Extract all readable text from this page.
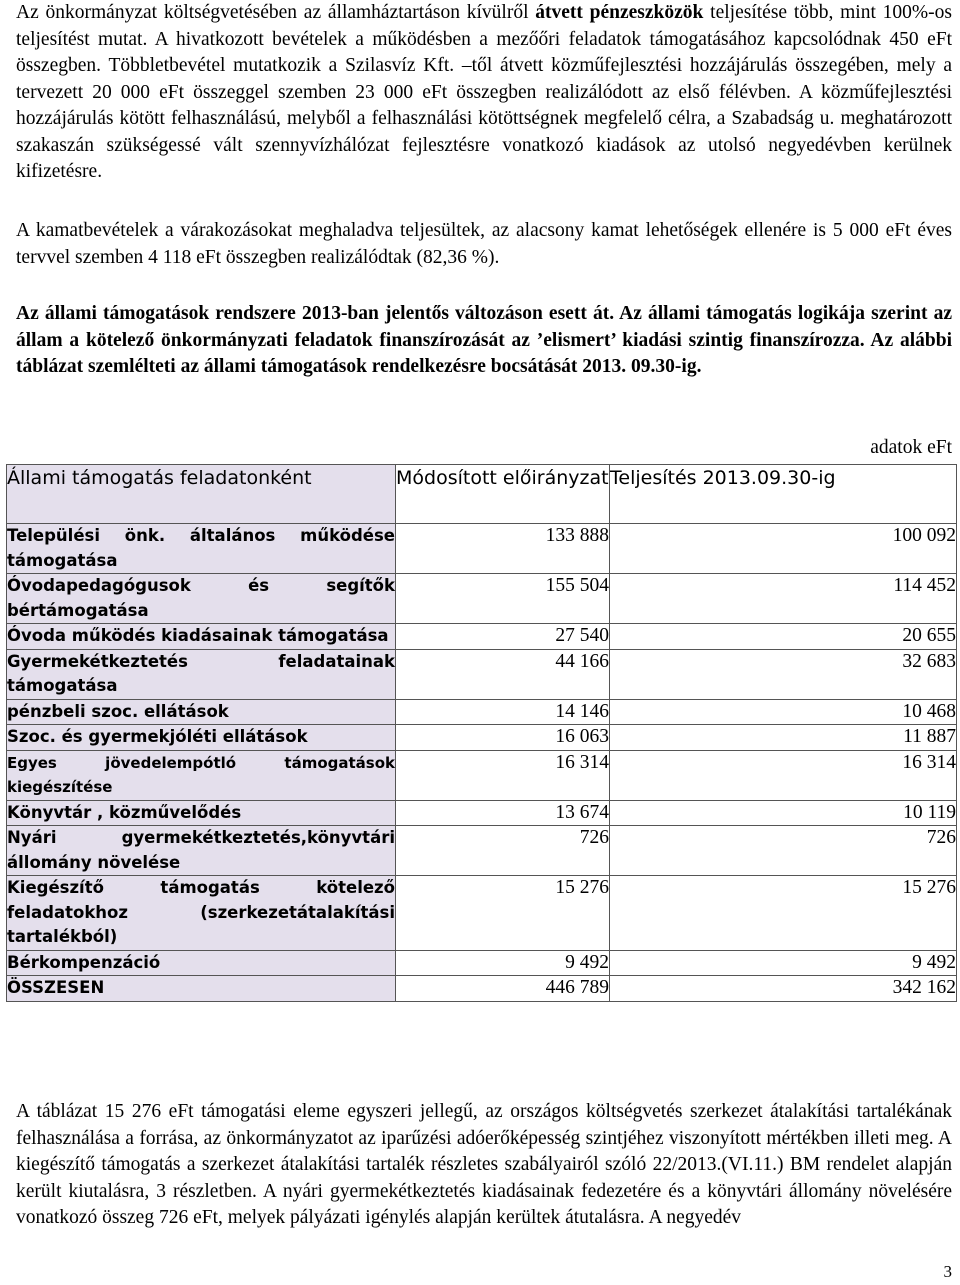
Az önkormányzat költségvetésében az államháztartáson kívülről átvett pénzeszközök teljesítése több, mint 100%-os teljesítést mutat. A hivatkozott bevételek a működésben a mezőőri feladatok támogatásához kapcsolódnak 450 eFt összegben. Többletbevétel mutatkozik a Szilasvíz Kft. –től átvett közműfejlesztési hozzájárulás összegében, mely a tervezett 20 000 eFt összeggel szemben 23 000 eFt összegben realizálódott az első félévben. A közműfejlesztési hozzájárulás kötött felhasználású, melyből a felhasználási kötöttségnek megfelelő célra, a Szabadság u. meghatározott szakaszán szükségessé vált szennyvízhálózat fejlesztésre vonatkozó kiadások az utolsó negyedévben kerülnek kifizetésre.

A kamatbevételek a várakozásokat meghaladva teljesültek, az alacsony kamat lehetőségek ellenére is 5 000 eFt éves tervvel szemben 4 118 eFt összegben realizálódtak (82,36 %).

Az állami támogatások rendszere 2013-ban jelentős változáson esett át. Az állami támogatás logikája szerint az állam a kötelező önkormányzati feladatok finanszírozását az ’elismert’ kiadási szintig finanszírozza. Az alábbi táblázat szemlélteti az állami támogatások rendelkezésre bocsátását 2013. 09.30-ig.

adatok eFt
Állami támogatás feladatonként	Módosított előirányzat	Teljesítés 2013.09.30-ig
Települési önk. általános működése támogatása	133 888	100 092
Óvodapedagógusok és segítők bértámogatása	155 504	114 452
Óvoda működés kiadásainak támogatása	27 540	20 655
Gyermekétkeztetés feladatainak támogatása	44 166	32 683
pénzbeli szoc. ellátások	14 146	10 468
Szoc. és gyermekjóléti ellátások	16 063	11 887
Egyes jövedelempótló támogatások kiegészítése	16 314	16 314
Könyvtár , közművelődés	13 674	10 119
Nyári gyermekétkeztetés,könyvtári állomány növelése	726	726
Kiegészítő támogatás kötelező feladatokhoz (szerkezetátalakítási tartalékból)	15 276	15 276
Bérkompenzáció	9 492	9 492
ÖSSZESEN	446 789	342 162

A táblázat 15 276 eFt támogatási eleme egyszeri jellegű, az országos költségvetés szerkezet átalakítási tartalékának felhasználása a forrása, az önkormányzatot az iparűzési adóerőképesség szintjéhez viszonyított mértékben illeti meg. A kiegészítő támogatás a szerkezet átalakítási tartalék részletes szabályairól szóló 22/2013.(VI.11.) BM rendelet alapján került kiutalásra, 3 részletben. A nyári gyermekétkeztetés kiadásainak fedezetére és a könyvtári állomány növelésére vonatkozó összeg 726 eFt, melyek pályázati igénylés alapján kerültek átutalásra. A negyedév

3
